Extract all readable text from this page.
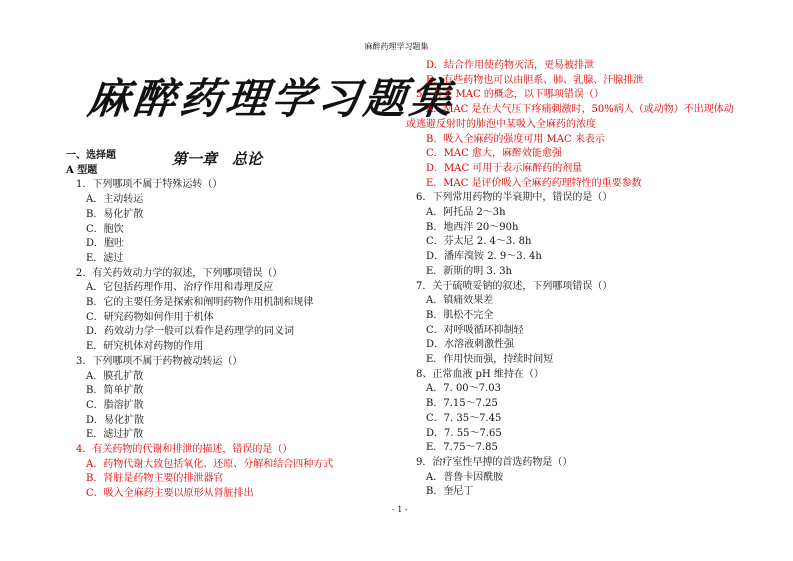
麻醉药理学习题集
麻醉药理学习题集
第一章　总论
一、选择题
A 型题
1．下列哪项不属于特殊运转（）
A．主动转运
B．易化扩散
C．胞饮
D．胞吐
E．滤过
2．有关药效动力学的叙述，下列哪项错误（）
A．它包括药理作用、治疗作用和毒理反应
B．它的主要任务是探索和阐明药物作用机制和规律
C．研究药物如何作用于机体
D．药效动力学一般可以看作是药理学的同义词
E．研究机体对药物的作用
3．下列哪项不属于药物被动转运（）
A．膜孔扩散
B．简单扩散
C．脂溶扩散
D．易化扩散
E．滤过扩散
4．有关药物的代谢和排泄的描述，错误的是（）
A．药物代谢大致包括氧化、还原、分解和结合四种方式
B．肾脏是药物主要的排泄器官
C．吸入全麻药主要以原形从肾脏排出
D．结合作用使药物灭活，更易被排泄
E．有些药物也可以由胆系、肺、乳腺、汗腺排泄
5．有关 MAC 的概念，以下哪项错误（）
A．MAC 是在大气压下疼痛刺激时，50%病人（或动物）不出现体动
或逃避反射时的肺泡中某吸入全麻药的浓度
B．吸入全麻药的强度可用 MAC 来表示
C．MAC 愈大，麻醉效能愈强
D．MAC 可用于表示麻醉药的剂量
E．MAC 是评价吸入全麻药药理特性的重要参数
6．下列常用药物的半衰期中，错误的是（）
A．阿托品 2～3h
B．地西泮 20～90h
C．芬太尼 2. 4～3. 8h
D．潘库溴铵 2. 9～3. 4h
E．新斯的明 3. 3h
7．关于硫喷妥钠的叙述，下列哪项错误（）
A．镇痛效果差
B．肌松不完全
C．对呼吸循环抑制轻
D．水溶液刺激性强
E．作用快而强，持续时间短
8、正常血液 pH 维持在（）
A．7. 00～7.03
B．7.15～7.25
C．7. 35～7.45
D．7. 55～7.65
E．7.75～7.85
9．治疗室性早搏的首选药物是（）
A．普鲁卡因酰胺
B．奎尼丁
- 1 -
